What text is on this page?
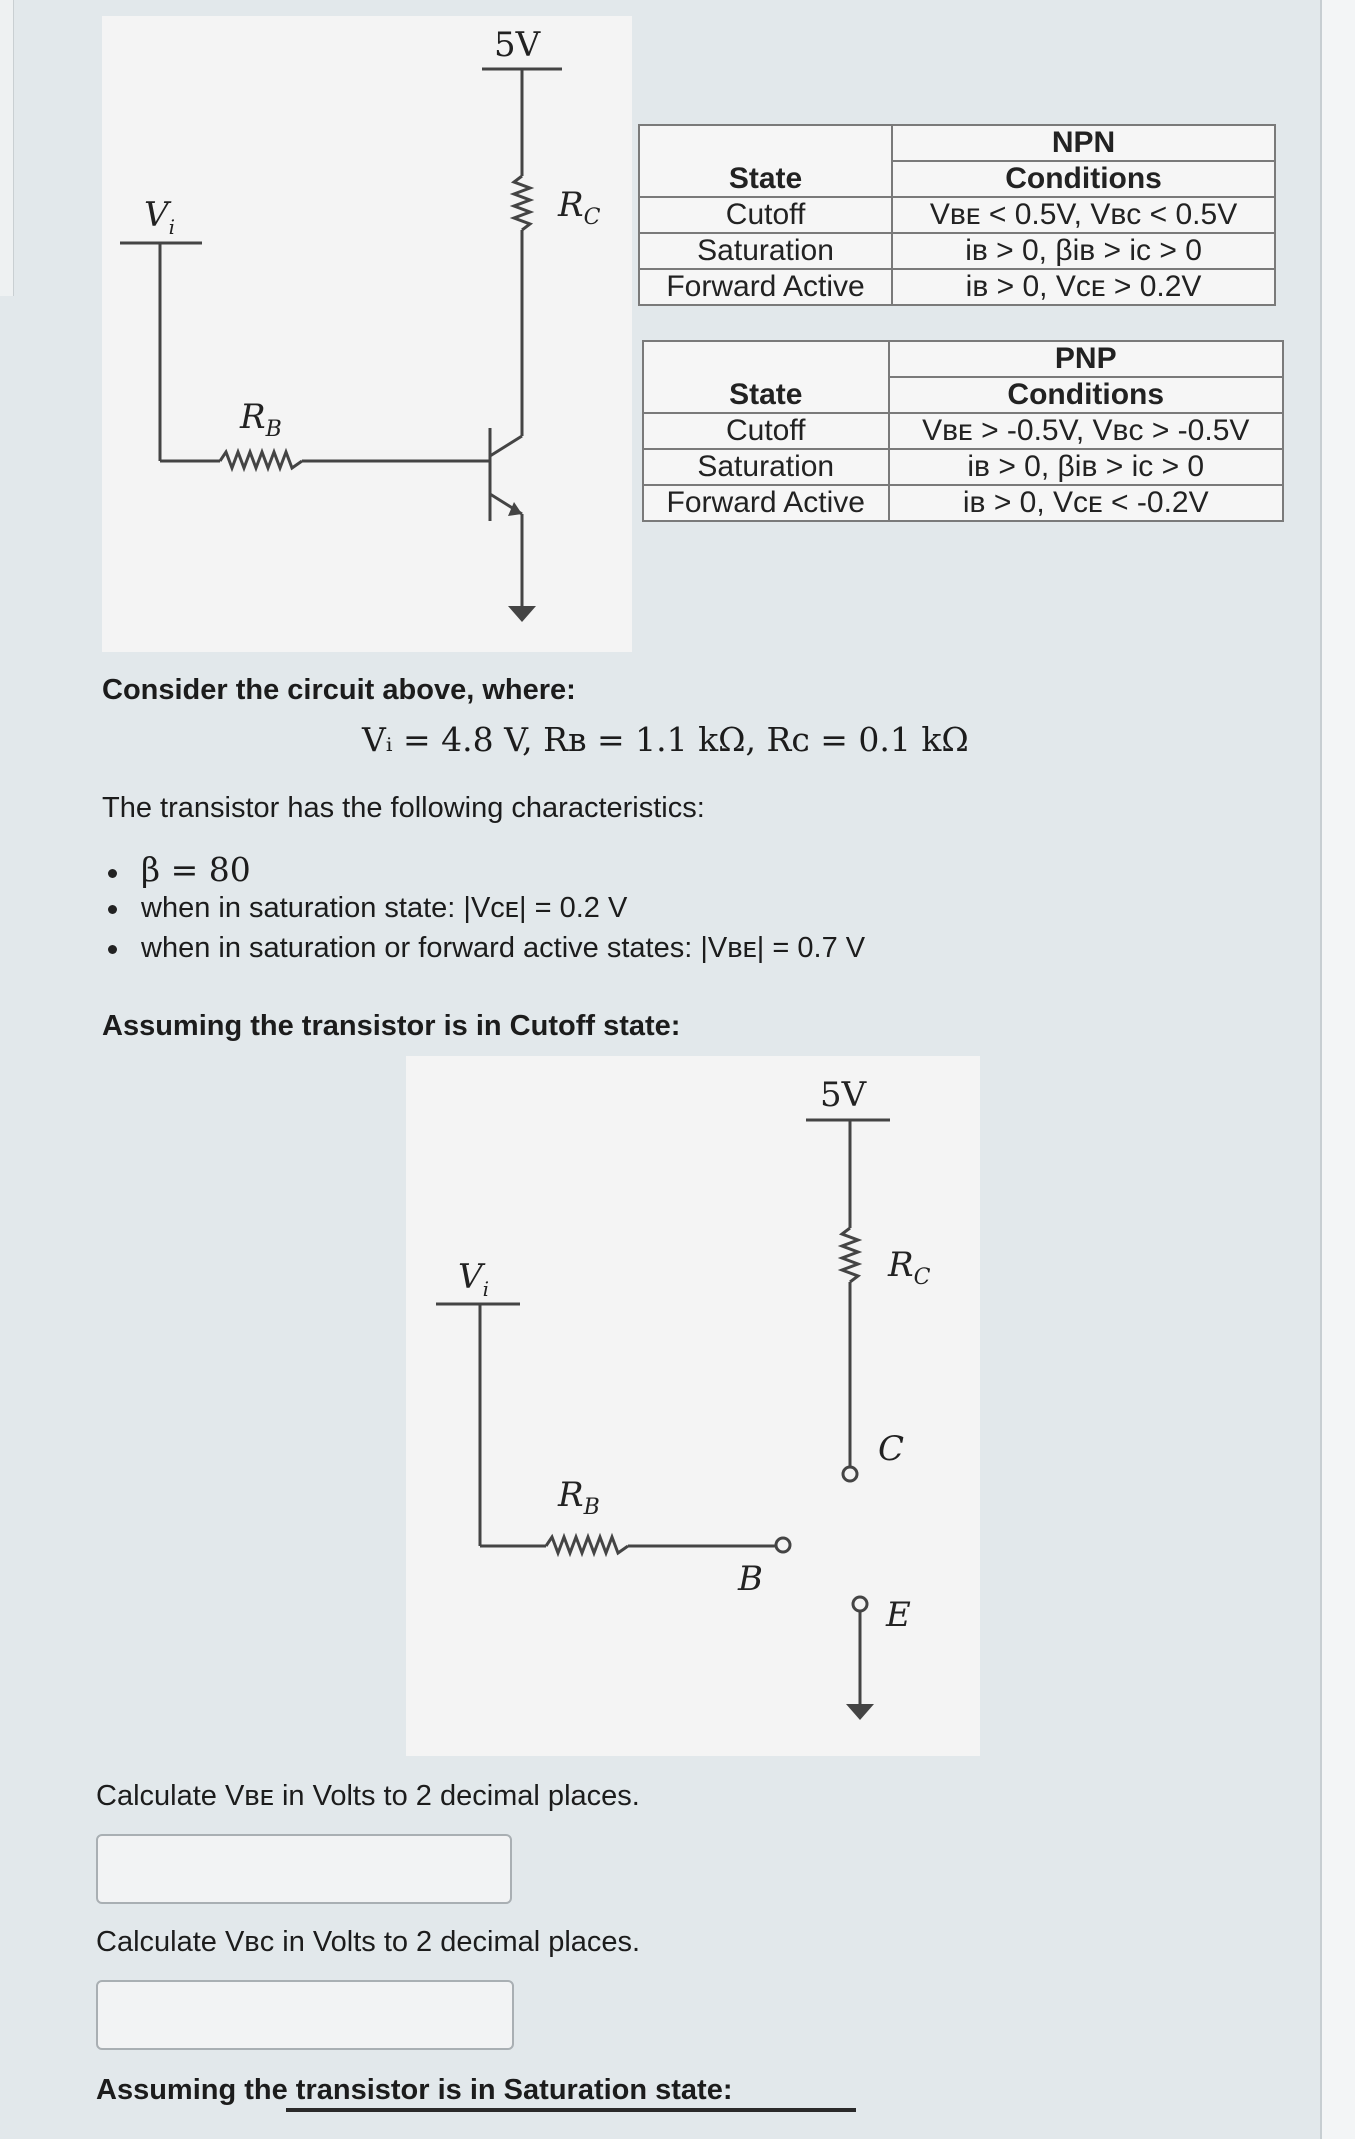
5V
$V_i$
$R_C$
$R_B$
	NPN
State	Conditions
Cutoff	Vʙᴇ < 0.5V, Vʙᴄ < 0.5V
Saturation	iʙ > 0, βiʙ > iᴄ > 0
Forward Active	iʙ > 0, Vᴄᴇ > 0.2V
	PNP
State	Conditions
Cutoff	Vʙᴇ > -0.5V, Vʙᴄ > -0.5V
Saturation	iʙ > 0, βiʙ > iᴄ > 0
Forward Active	iʙ > 0, Vᴄᴇ < -0.2V
Consider the circuit above, where:
Vᵢ = 4.8 V, Rʙ = 1.1 kΩ, Rᴄ = 0.1 kΩ
The transistor has the following characteristics:
β = 80
when in saturation state: |Vᴄᴇ| = 0.2 V
when in saturation or forward active states: |Vʙᴇ| = 0.7 V
Assuming the transistor is in Cutoff state:
5V
$V_i$
$R_C$
$R_B$
C
B
E
Calculate Vʙᴇ in Volts to 2 decimal places.
Calculate Vʙᴄ in Volts to 2 decimal places.
Assuming the transistor is in Saturation state:
